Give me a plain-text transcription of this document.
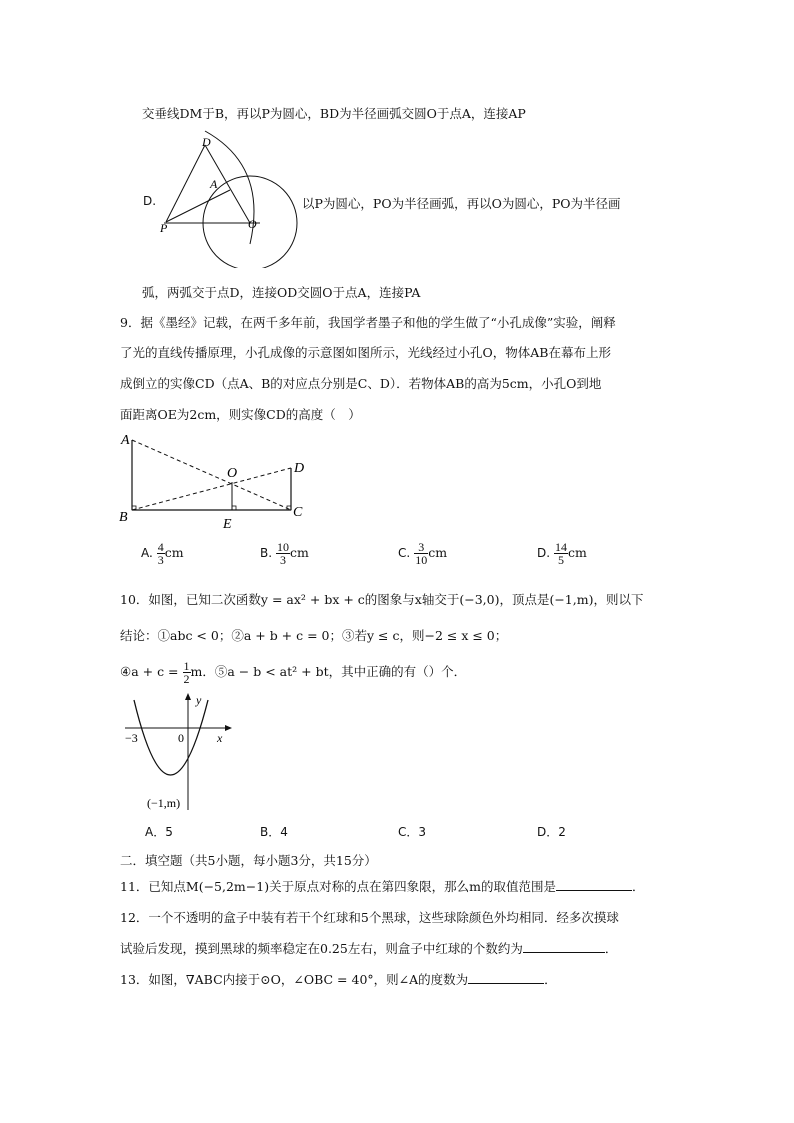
交垂线DM于B，再以P为圆心，BD为半径画弧交圆O于点A，连接AP
D
A
P	O
D.	以P为圆心，PO为半径画弧，再以O为圆心，PO为半径画
弧，两弧交于点D，连接OD交圆O于点A，连接PA
9．据《墨经》记载，在两千多年前，我国学者墨子和他的学生做了“小孔成像”实验，阐释
了光的直线传播原理，小孔成像的示意图如图所示，光线经过小孔O，物体AB在幕布上形
成倒立的实像CD（点A、B的对应点分别是C、D）．若物体AB的高为5cm，小孔O到地
面距离OE为2cm，则实像CD的高度（　）
A
B
O	D
E
C
A. $\frac{4}{3}$ cm	B. $\frac{10}{3}$ cm	C. $\frac{3}{10}$ cm	D. $\frac{14}{5}$ cm
10．如图，已知二次函数y = ax² + bx + c的图象与x轴交于(−3,0)，顶点是(−1,m)，则以下
结论：①abc < 0；②a + b + c = 0；③若y ≤ c，则−2 ≤ x ≤ 0；
④a + $c = \frac{1}{2}$ m．⑤a − b < at² + bt，其中正确的有（）个．
y
x
−3	0
(−1,m)
A．5	B．4	C．3	D．2
二．填空题（共5小题，每小题3分，共15分）
11．已知点M(−5,2m−1)关于原点对称的点在第四象限，那么m的取值范围是	．
12．一个不透明的盒子中装有若干个红球和5个黑球，这些球除颜色外均相同．经多次摸球
试验后发现，摸到黑球的频率稳定在0.25左右，则盒子中红球的个数约为	．
13．如图，∇ABC内接于⊙O，∠OBC = 40°，则∠A的度数为	．
